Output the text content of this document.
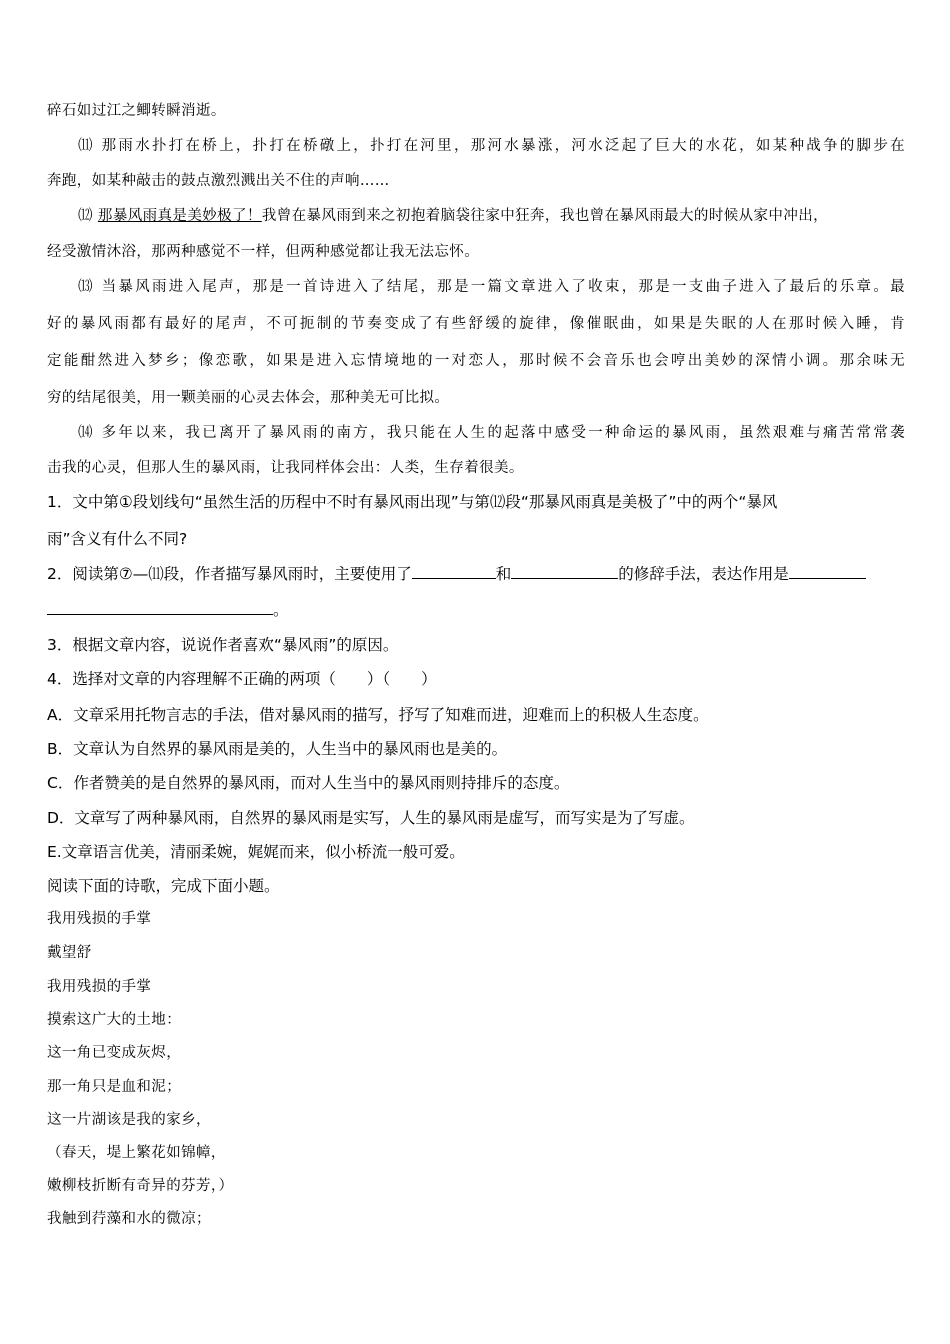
碎石如过江之鲫转瞬消逝。
⑾ 那雨水扑打在桥上，扑打在桥礅上，扑打在河里，那河水暴涨，河水泛起了巨大的水花，如某种战争的脚步在
奔跑，如某种敲击的鼓点激烈溅出关不住的声响……
⑿ 那暴风雨真是美妙极了！我曾在暴风雨到来之初抱着脑袋往家中狂奔，我也曾在暴风雨最大的时候从家中冲出，
经受激情沐浴，那两种感觉不一样，但两种感觉都让我无法忘怀。
⒀ 当暴风雨进入尾声，那是一首诗进入了结尾，那是一篇文章进入了收束，那是一支曲子进入了最后的乐章。最
好的暴风雨都有最好的尾声，不可扼制的节奏变成了有些舒缓的旋律，像催眠曲，如果是失眠的人在那时候入睡，肯
定能酣然进入梦乡；像恋歌，如果是进入忘情境地的一对恋人，那时候不会音乐也会哼出美妙的深情小调。那余味无
穷的结尾很美，用一颗美丽的心灵去体会，那种美无可比拟。
⒁ 多年以来，我已离开了暴风雨的南方，我只能在人生的起落中感受一种命运的暴风雨，虽然艰难与痛苦常常袭
击我的心灵，但那人生的暴风雨，让我同样体会出：人类，生存着很美。
1．文中第①段划线句“虽然生活的历程中不时有暴风雨出现”与第⑿段“那暴风雨真是美极了”中的两个“暴风
雨”含义有什么不同?
2．阅读第⑦—⑾段，作者描写暴风雨时，主要使用了	和	的修辞手法，表达作用是
。
3．根据文章内容，说说作者喜欢“暴风雨”的原因。
4．选择对文章的内容理解不正确的两项（　　）（　　）
A．文章采用托物言志的手法，借对暴风雨的描写，抒写了知难而进，迎难而上的积极人生态度。
B．文章认为自然界的暴风雨是美的，人生当中的暴风雨也是美的。
C．作者赞美的是自然界的暴风雨，而对人生当中的暴风雨则持排斥的态度。
D．文章写了两种暴风雨，自然界的暴风雨是实写，人生的暴风雨是虚写，而写实是为了写虚。
E.文章语言优美，清丽柔婉，娓娓而来，似小桥流一般可爱。
阅读下面的诗歌，完成下面小题。
我用残损的手掌
戴望舒
我用残损的手掌
摸索这广大的土地：
这一角已变成灰烬，
那一角只是血和泥；
这一片湖该是我的家乡，
（春天，堤上繁花如锦幛，
嫩柳枝折断有奇异的芬芳，）
我触到荇藻和水的微凉；
